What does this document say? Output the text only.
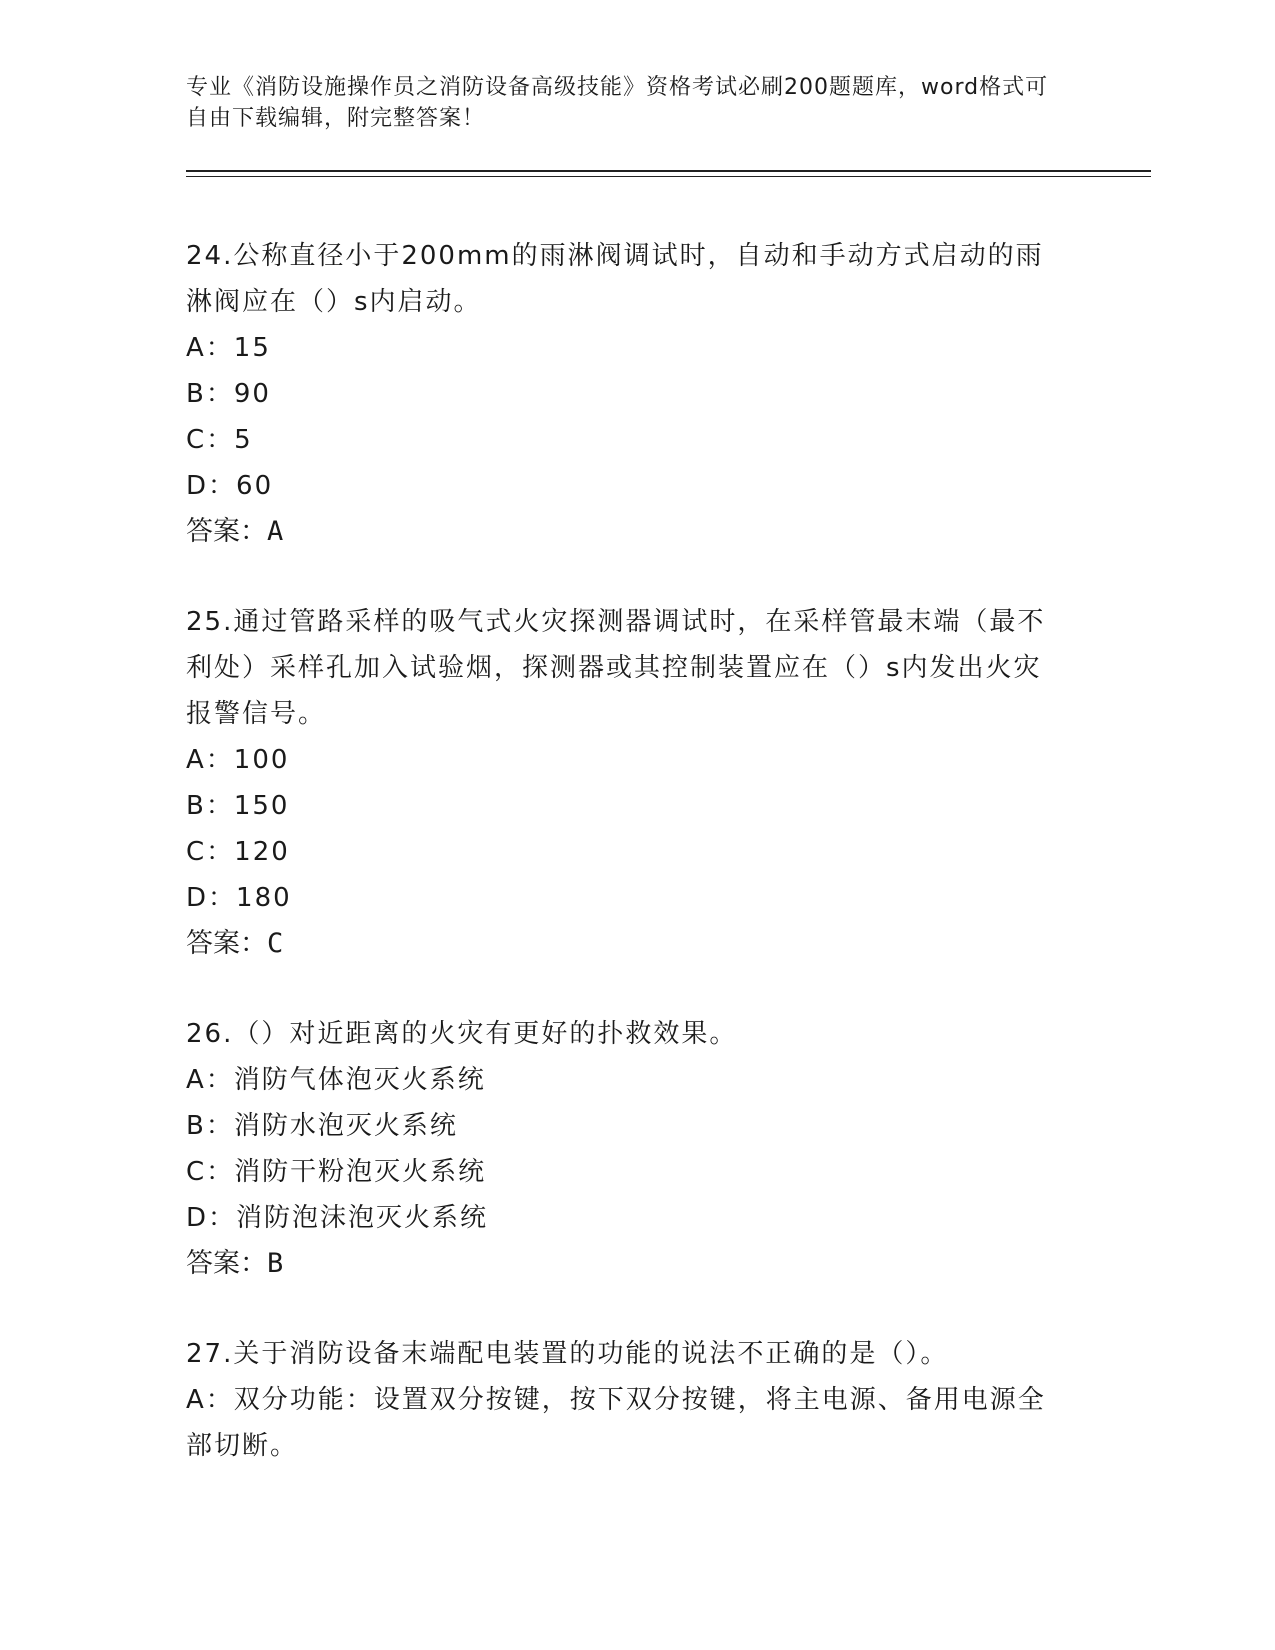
专业《消防设施操作员之消防设备高级技能》资格考试必刷200题题库，word格式可自由下载编辑，附完整答案！

24.公称直径小于200mm的雨淋阀调试时，自动和手动方式启动的雨淋阀应在（）s内启动。

A：15

B：90

C：5

D：60

答案：A

25.通过管路采样的吸气式火灾探测器调试时，在采样管最末端（最不利处）采样孔加入试验烟，探测器或其控制装置应在（）s内发出火灾报警信号。

A：100

B：150

C：120

D：180

答案：C

26.（）对近距离的火灾有更好的扑救效果。

A：消防气体泡灭火系统

B：消防水泡灭火系统

C：消防干粉泡灭火系统

D：消防泡沫泡灭火系统

答案：B

27.关于消防设备末端配电装置的功能的说法不正确的是（）。

A：双分功能：设置双分按键，按下双分按键，将主电源、备用电源全部切断。
